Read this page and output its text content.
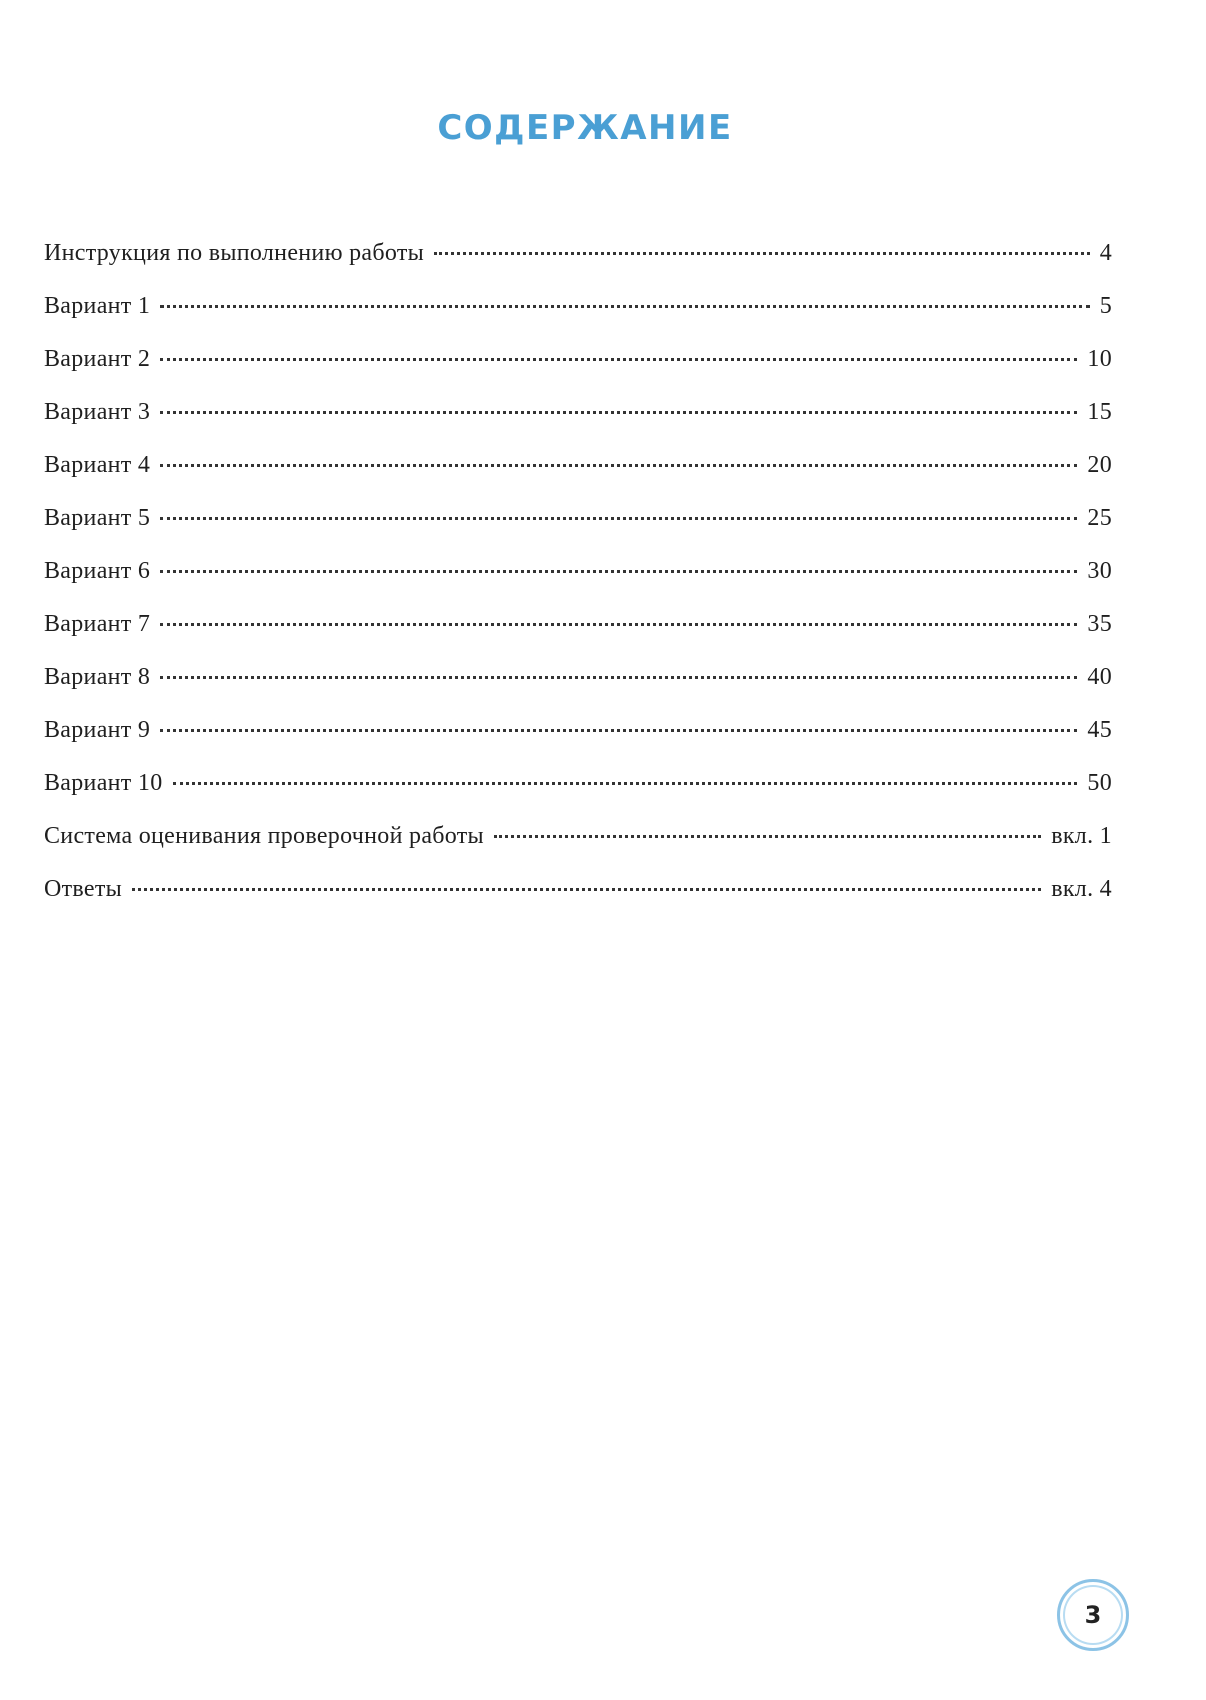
СОДЕРЖАНИЕ
Инструкция по выполнению работы	4
Вариант 1	5
Вариант 2	10
Вариант 3	15
Вариант 4	20
Вариант 5	25
Вариант 6	30
Вариант 7	35
Вариант 8	40
Вариант 9	45
Вариант 10	50
Система оценивания проверочной работы	вкл. 1
Ответы	вкл. 4
3
